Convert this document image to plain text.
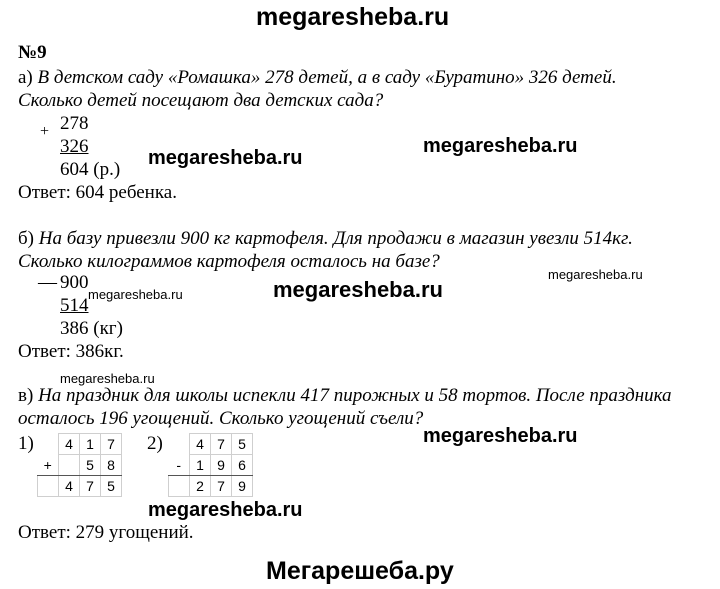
megaresheba.ru
№9
а) В детском саду «Ромашка» 278 детей, а в саду «Буратино» 326 детей.
Сколько детей посещают два детских сада?
+ 278
326
604 (р.)
Ответ: 604 ребенка.
megaresheba.ru
megaresheba.ru
б) На базу привезли 900 кг картофеля. Для продажи в магазин увезли 514кг.
Сколько килограммов картофеля осталось на базе?
— 900
514
386 (кг)
Ответ: 386кг.
megaresheba.ru	megaresheba.ru
megaresheba.ru
megaresheba.ru
в) На праздник для школы испекли 417 пирожных и 58 тортов. После праздника
осталось 196 угощений. Сколько угощений съели?
1)
	4	1	7
+		5	8
	4	7	5
2)
	4	7	5
-	1	9	6
	2	7	9
megaresheba.ru
megaresheba.ru
Ответ: 279 угощений.
Мегарешеба.ру
